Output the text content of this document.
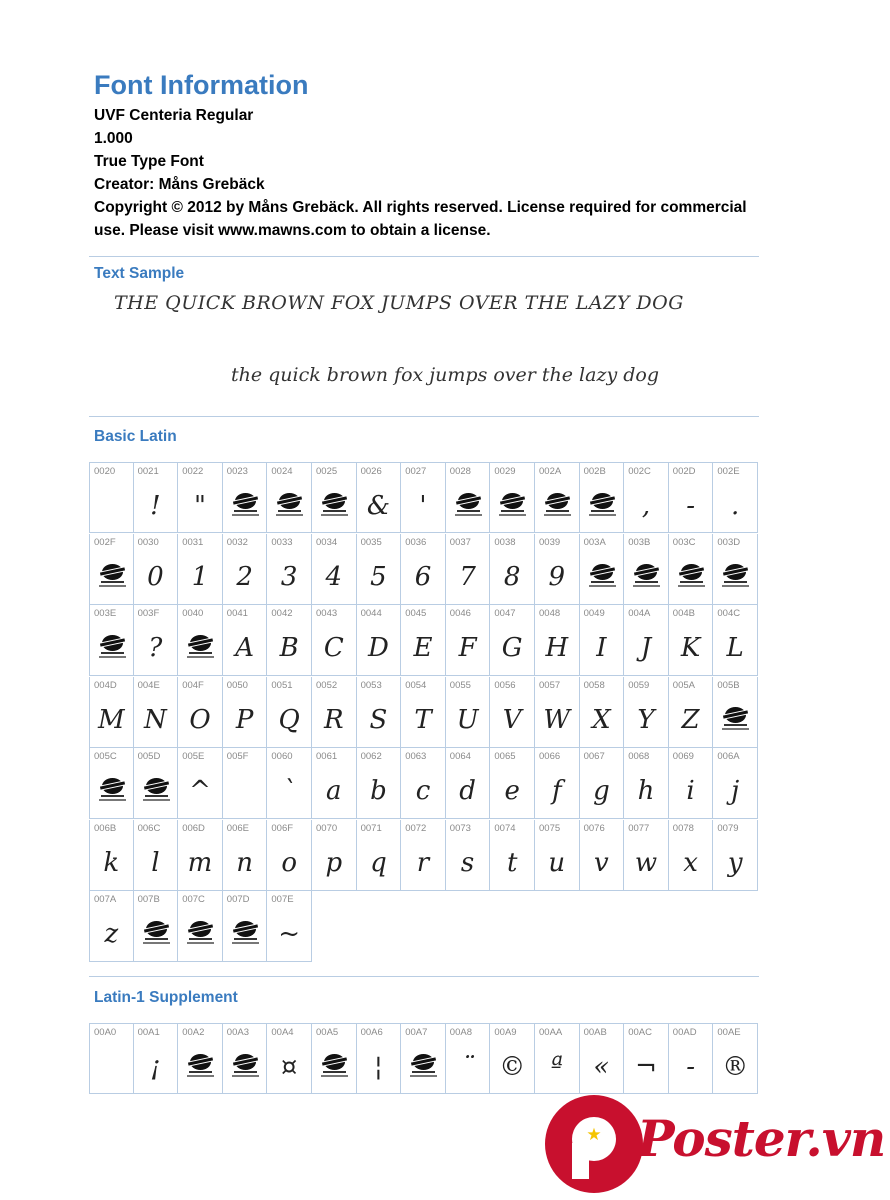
Font Information
UVF Centeria Regular
1.000
True Type Font
Creator: Måns Grebäck
Copyright © 2012 by Måns Grebäck. All rights reserved. License required for commercial use. Please visit www.mawns.com to obtain a license.
Text Sample
THE QUICK BROWN FOX JUMPS OVER THE LAZY DOG
the quick brown fox jumps over the lazy dog
Basic Latin
0020 0021
!
0022
"
0023 0024 0025 0026
&
0027
'
0028 0029 002A 002B 002C
,
002D
-
002E
.
002F 0030
0
0031
1
0032
2
0033
3
0034
4
0035
5
0036
6
0037
7
0038
8
0039
9
003A 003B 003C 003D
003E 003F
?
0040 0041
A
0042
B
0043
C
0044
D
0045
E
0046
F
0047
G
0048
H
0049
I
004A
J
004B
K
004C
L
004D
M
004E
N
004F
O
0050
P
0051
Q
0052
R
0053
S
0054
T
0055
U
0056
V
0057
W
0058
X
0059
Y
005A
Z
005B
005C 005D 005E
^
005F 0060
`
0061
a
0062
b
0063
c
0064
d
0065
e
0066
f
0067
g
0068
h
0069
i
006A
j
006B
k
006C
l
006D
m
006E
n
006F
o
0070
p
0071
q
0072
r
0073
s
0074
t
0075
u
0076
v
0077
w
0078
x
0079
y
007A
z
007B 007C 007D 007E
~
Latin-1 Supplement
00A0 00A1
¡
00A2 00A3 00A4
¤
00A5 00A6
¦
00A7 00A8
¨
00A9
©
00AA
ª
00AB
«
00AC
¬
00AD
-
00AE
®
★ Poster.vn
